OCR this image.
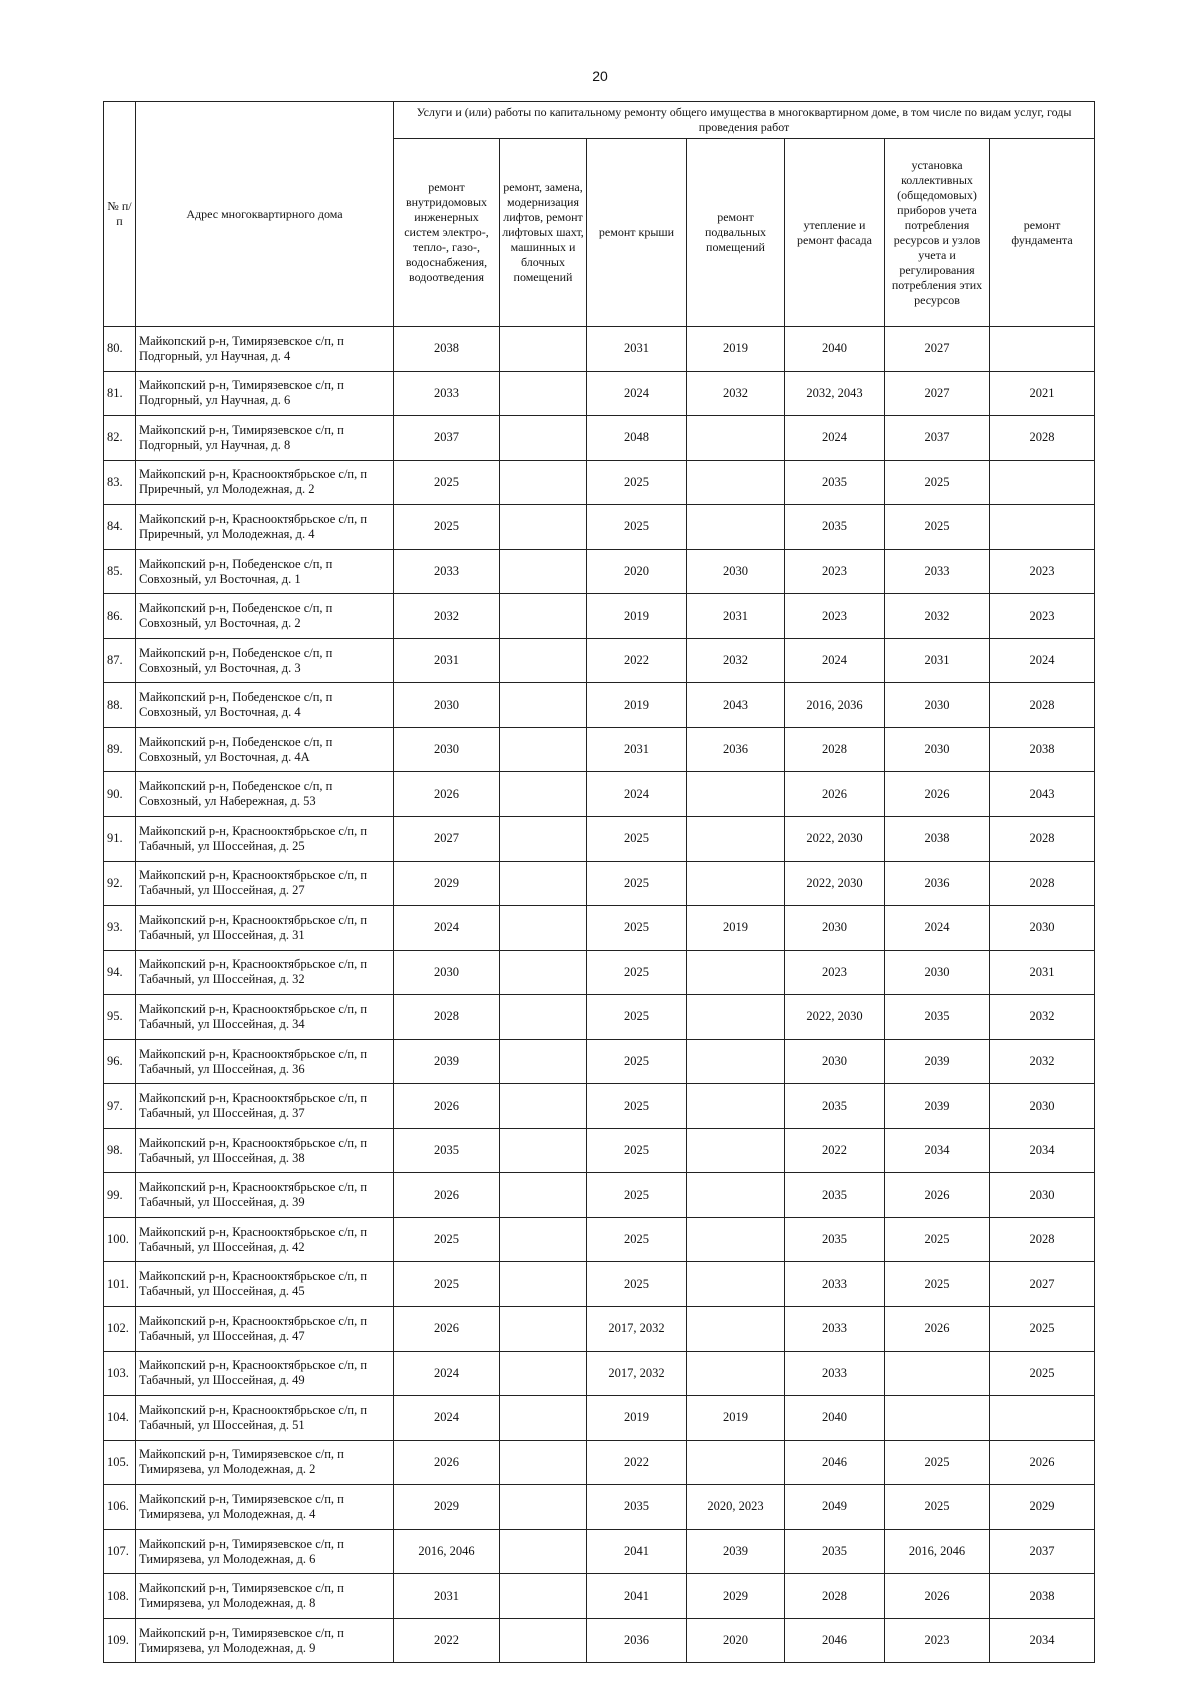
20
№ п/п	Адрес многоквартирного дома	Услуги и (или) работы по капитальному ремонту общего имущества в многоквартирном доме, в том числе по видам услуг, годы проведения работ						
		ремонт внутридомовых инженерных систем электро-, тепло-, газо-, водоснабжения, водоотведения	ремонт, замена, модернизация лифтов, ремонт лифтовых шахт, машинных и блочных помещений	ремонт крыши	ремонт подвальных помещений	утепление и ремонт фасада	установка коллективных (общедомовых) приборов учета потребления ресурсов и узлов учета и регулирования потребления этих ресурсов	ремонт фундамента
80.	Майкопский р-н, Тимирязевское с/п, п
Подгорный, ул Научная, д. 4	2038		2031	2019	2040	2027	
81.	Майкопский р-н, Тимирязевское с/п, п
Подгорный, ул Научная, д. 6	2033		2024	2032	2032, 2043	2027	2021
82.	Майкопский р-н, Тимирязевское с/п, п
Подгорный, ул Научная, д. 8	2037		2048		2024	2037	2028
83.	Майкопский р-н, Краснооктябрьское с/п, п
Приречный, ул Молодежная, д. 2	2025		2025		2035	2025	
84.	Майкопский р-н, Краснооктябрьское с/п, п
Приречный, ул Молодежная, д. 4	2025		2025		2035	2025	
85.	Майкопский р-н, Победенское с/п, п
Совхозный, ул Восточная, д. 1	2033		2020	2030	2023	2033	2023
86.	Майкопский р-н, Победенское с/п, п
Совхозный, ул Восточная, д. 2	2032		2019	2031	2023	2032	2023
87.	Майкопский р-н, Победенское с/п, п
Совхозный, ул Восточная, д. 3	2031		2022	2032	2024	2031	2024
88.	Майкопский р-н, Победенское с/п, п
Совхозный, ул Восточная, д. 4	2030		2019	2043	2016, 2036	2030	2028
89.	Майкопский р-н, Победенское с/п, п
Совхозный, ул Восточная, д. 4А	2030		2031	2036	2028	2030	2038
90.	Майкопский р-н, Победенское с/п, п
Совхозный, ул Набережная, д. 53	2026		2024		2026	2026	2043
91.	Майкопский р-н, Краснооктябрьское с/п, п
Табачный, ул Шоссейная, д. 25	2027		2025		2022, 2030	2038	2028
92.	Майкопский р-н, Краснооктябрьское с/п, п
Табачный, ул Шоссейная, д. 27	2029		2025		2022, 2030	2036	2028
93.	Майкопский р-н, Краснооктябрьское с/п, п
Табачный, ул Шоссейная, д. 31	2024		2025	2019	2030	2024	2030
94.	Майкопский р-н, Краснооктябрьское с/п, п
Табачный, ул Шоссейная, д. 32	2030		2025		2023	2030	2031
95.	Майкопский р-н, Краснооктябрьское с/п, п
Табачный, ул Шоссейная, д. 34	2028		2025		2022, 2030	2035	2032
96.	Майкопский р-н, Краснооктябрьское с/п, п
Табачный, ул Шоссейная, д. 36	2039		2025		2030	2039	2032
97.	Майкопский р-н, Краснооктябрьское с/п, п
Табачный, ул Шоссейная, д. 37	2026		2025		2035	2039	2030
98.	Майкопский р-н, Краснооктябрьское с/п, п
Табачный, ул Шоссейная, д. 38	2035		2025		2022	2034	2034
99.	Майкопский р-н, Краснооктябрьское с/п, п
Табачный, ул Шоссейная, д. 39	2026		2025		2035	2026	2030
100.	Майкопский р-н, Краснооктябрьское с/п, п
Табачный, ул Шоссейная, д. 42	2025		2025		2035	2025	2028
101.	Майкопский р-н, Краснооктябрьское с/п, п
Табачный, ул Шоссейная, д. 45	2025		2025		2033	2025	2027
102.	Майкопский р-н, Краснооктябрьское с/п, п
Табачный, ул Шоссейная, д. 47	2026		2017, 2032		2033	2026	2025
103.	Майкопский р-н, Краснооктябрьское с/п, п
Табачный, ул Шоссейная, д. 49	2024		2017, 2032		2033		2025
104.	Майкопский р-н, Краснооктябрьское с/п, п
Табачный, ул Шоссейная, д. 51	2024		2019	2019	2040		
105.	Майкопский р-н, Тимирязевское с/п, п
Тимирязева, ул Молодежная, д. 2	2026		2022		2046	2025	2026
106.	Майкопский р-н, Тимирязевское с/п, п
Тимирязева, ул Молодежная, д. 4	2029		2035	2020, 2023	2049	2025	2029
107.	Майкопский р-н, Тимирязевское с/п, п
Тимирязева, ул Молодежная, д. 6	2016, 2046		2041	2039	2035	2016, 2046	2037
108.	Майкопский р-н, Тимирязевское с/п, п
Тимирязева, ул Молодежная, д. 8	2031		2041	2029	2028	2026	2038
109.	Майкопский р-н, Тимирязевское с/п, п
Тимирязева, ул Молодежная, д. 9	2022		2036	2020	2046	2023	2034
